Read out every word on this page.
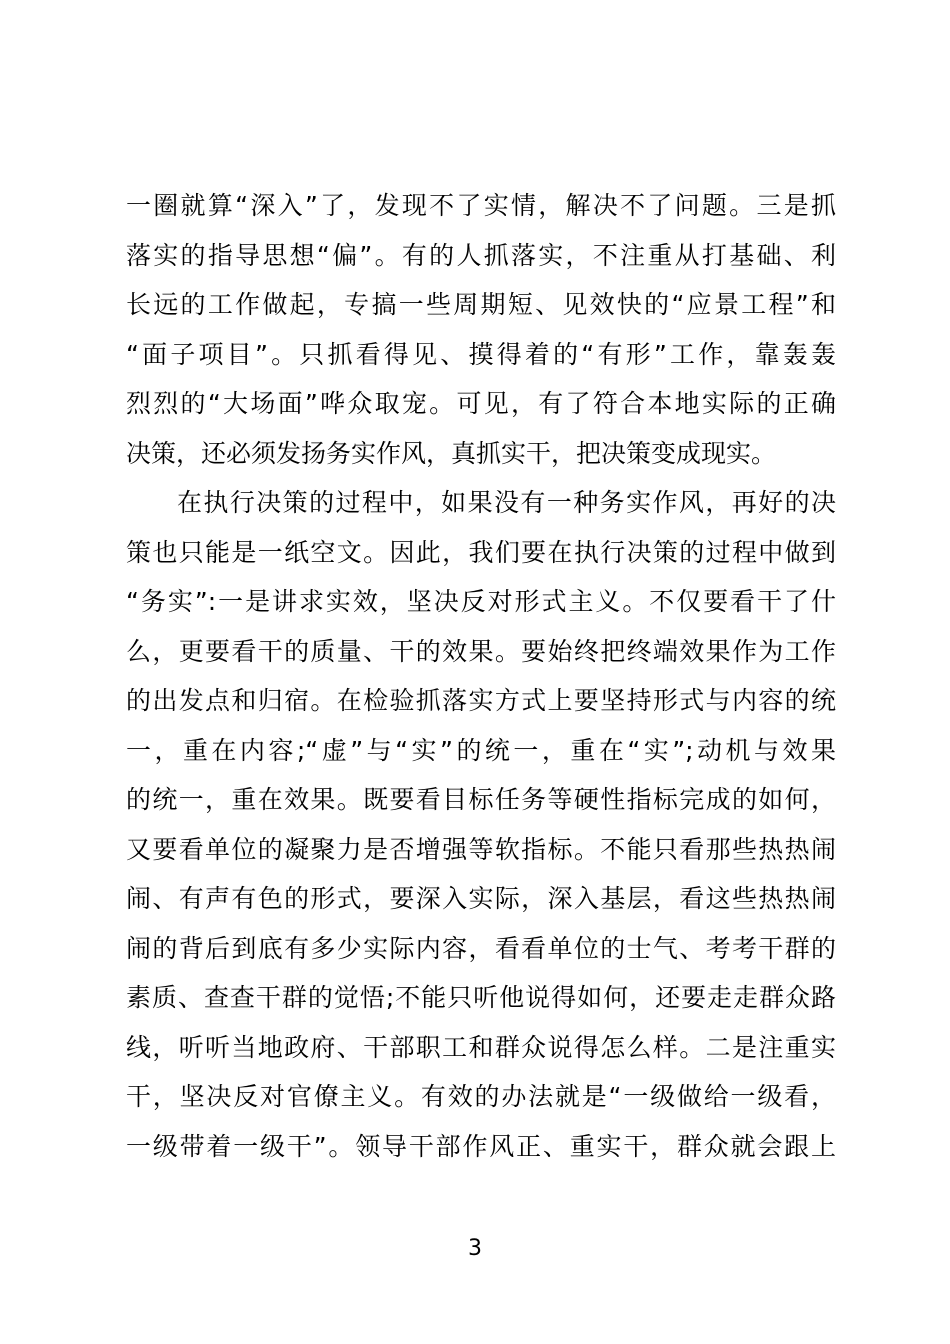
一圈就算“深入”了，发现不了实情，解决不了问题。三是抓
落实的指导思想“偏”。有的人抓落实，不注重从打基础、利
长远的工作做起，专搞一些周期短、见效快的“应景工程”和
“面子项目”。只抓看得见、摸得着的“有形”工作，靠轰轰
烈烈的“大场面”哗众取宠。可见，有了符合本地实际的正确
决策，还必须发扬务实作风，真抓实干，把决策变成现实。
在执行决策的过程中，如果没有一种务实作风，再好的决
策也只能是一纸空文。因此，我们要在执行决策的过程中做到
“务实”:一是讲求实效，坚决反对形式主义。不仅要看干了什
么，更要看干的质量、干的效果。要始终把终端效果作为工作
的出发点和归宿。在检验抓落实方式上要坚持形式与内容的统
一，重在内容;“虚”与“实”的统一，重在“实”;动机与效果
的统一，重在效果。既要看目标任务等硬性指标完成的如何，
又要看单位的凝聚力是否增强等软指标。不能只看那些热热闹
闹、有声有色的形式，要深入实际，深入基层，看这些热热闹
闹的背后到底有多少实际内容，看看单位的士气、考考干群的
素质、查查干群的觉悟;不能只听他说得如何，还要走走群众路
线，听听当地政府、干部职工和群众说得怎么样。二是注重实
干，坚决反对官僚主义。有效的办法就是“一级做给一级看，
一级带着一级干”。领导干部作风正、重实干，群众就会跟上
3
